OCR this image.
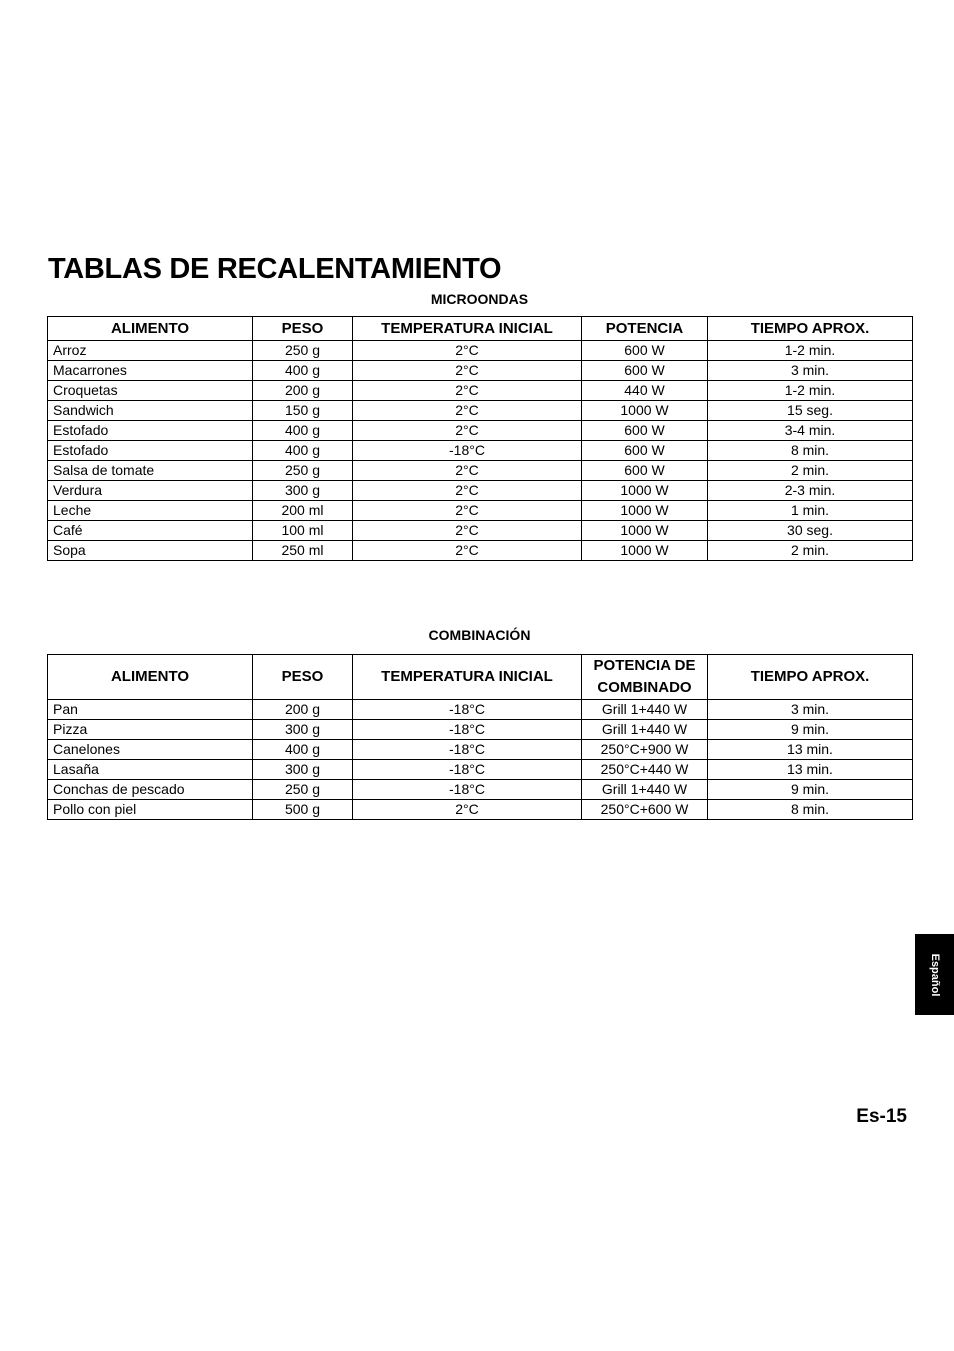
TABLAS DE RECALENTAMIENTO
MICROONDAS
ALIMENTO	PESO	TEMPERATURA INICIAL	POTENCIA	TIEMPO APROX.
Arroz	250 g	2°C	600 W	1-2 min.
Macarrones	400 g	2°C	600 W	3 min.
Croquetas	200 g	2°C	440 W	1-2 min.
Sandwich	150 g	2°C	1000 W	15 seg.
Estofado	400 g	2°C	600 W	3-4 min.
Estofado	400 g	-18°C	600 W	8 min.
Salsa de tomate	250 g	2°C	600 W	2 min.
Verdura	300 g	2°C	1000 W	2-3 min.
Leche	200 ml	2°C	1000 W	1 min.
Café	100 ml	2°C	1000 W	30 seg.
Sopa	250 ml	2°C	1000 W	2 min.
COMBINACIÓN
ALIMENTO	PESO	TEMPERATURA INICIAL	POTENCIA DE COMBINADO	TIEMPO APROX.
Pan	200 g	-18°C	Grill 1+440 W	3 min.
Pizza	300 g	-18°C	Grill 1+440 W	9 min.
Canelones	400 g	-18°C	250°C+900 W	13 min.
Lasaña	300 g	-18°C	250°C+440 W	13 min.
Conchas de pescado	250 g	-18°C	Grill 1+440 W	9 min.
Pollo con piel	500 g	2°C	250°C+600 W	8 min.
Español
Es-15
